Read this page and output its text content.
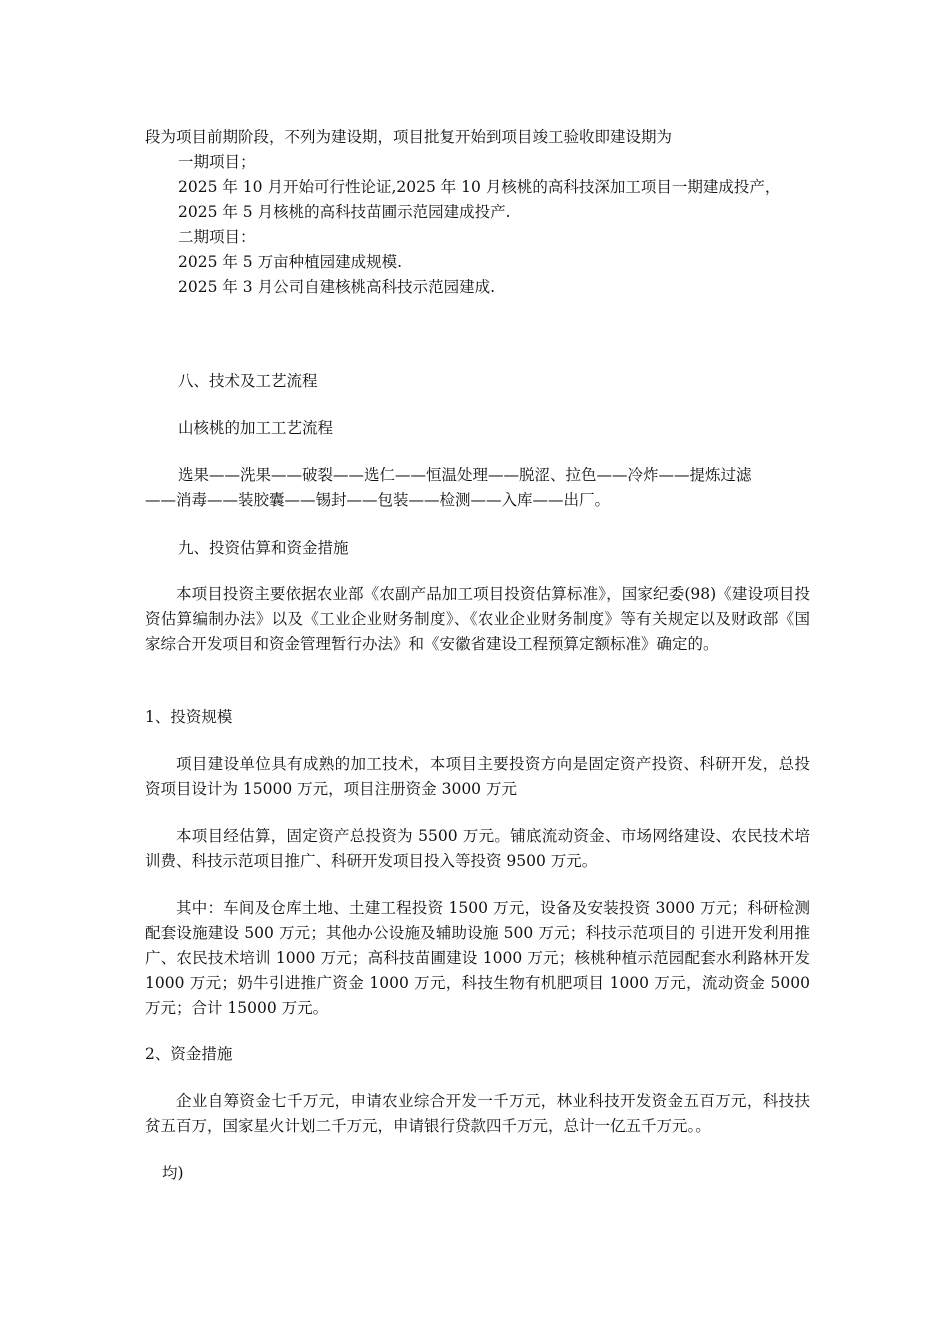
段为项目前期阶段，不列为建设期，项目批复开始到项目竣工验收即建设期为
一期项目；
2025 年 10 月开始可行性论证,2025 年 10 月核桃的高科技深加工项目一期建成投产，
2025 年 5 月核桃的高科技苗圃示范园建成投产.
二期项目：
2025 年 5 万亩种植园建成规模.
2025 年 3 月公司自建核桃高科技示范园建成.
八、技术及工艺流程
山核桃的加工工艺流程
选果——洗果——破裂——选仁——恒温处理——脱涩、拉色——冷炸——提炼过滤
——消毒——装胶囊——锡封——包装——检测——入库——出厂。
九、投资估算和资金措施
本项目投资主要依据农业部《农副产品加工项目投资估算标准》，国家纪委(98)《建设项目投资估算编制办法》以及《工业企业财务制度》、《农业企业财务制度》等有关规定以及财政部《国家综合开发项目和资金管理暂行办法》和《安徽省建设工程预算定额标准》确定的。
1、投资规模
项目建设单位具有成熟的加工技术，本项目主要投资方向是固定资产投资、科研开发，总投资项目设计为 15000 万元，项目注册资金 3000 万元
本项目经估算，固定资产总投资为 5500 万元。铺底流动资金、市场网络建设、农民技术培训费、科技示范项目推广、科研开发项目投入等投资 9500 万元。
其中：车间及仓库土地、土建工程投资 1500 万元，设备及安装投资 3000 万元；科研检测配套设施建设 500 万元；其他办公设施及辅助设施 500 万元；科技示范项目的 引进开发利用推广、农民技术培训 1000 万元；高科技苗圃建设 1000 万元；核桃种植示范园配套水利路林开发 1000 万元；奶牛引进推广资金 1000 万元，科技生物有机肥项目 1000 万元，流动资金 5000 万元；合计 15000 万元。
2、资金措施
企业自筹资金七千万元，申请农业综合开发一千万元，林业科技开发资金五百万元，科技扶贫五百万，国家星火计划二千万元，申请银行贷款四千万元，总计一亿五千万元。。
均)
